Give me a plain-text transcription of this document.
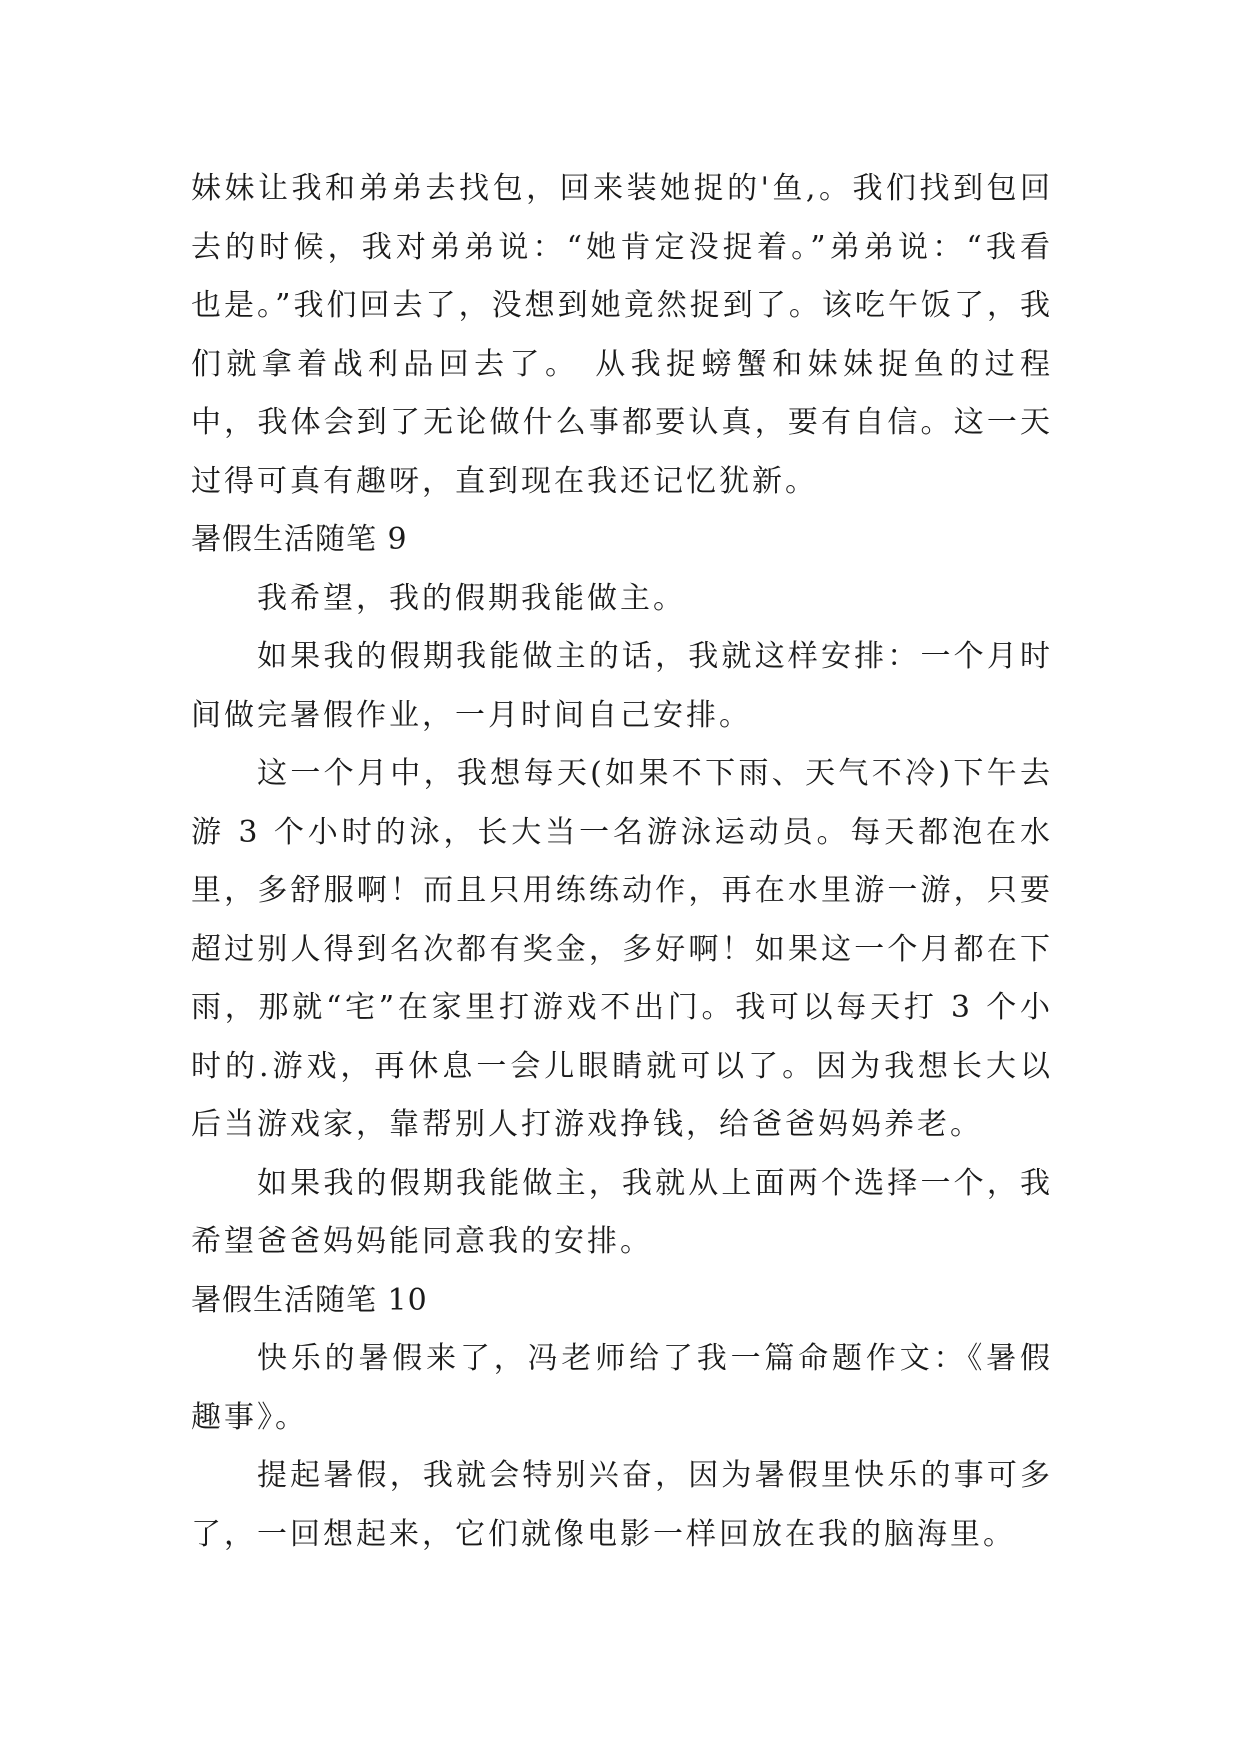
妹妹让我和弟弟去找包，回来装她捉的'鱼,。我们找到包回去的时候，我对弟弟说：“她肯定没捉着。”弟弟说：“我看也是。”我们回去了，没想到她竟然捉到了。该吃午饭了，我们就拿着战利品回去了。 从我捉螃蟹和妹妹捉鱼的过程中，我体会到了无论做什么事都要认真，要有自信。这一天过得可真有趣呀，直到现在我还记忆犹新。

暑假生活随笔 9

我希望，我的假期我能做主。

如果我的假期我能做主的话，我就这样安排：一个月时间做完暑假作业，一月时间自己安排。

这一个月中，我想每天(如果不下雨、天气不冷)下午去游 3 个小时的泳，长大当一名游泳运动员。每天都泡在水里，多舒服啊！而且只用练练动作，再在水里游一游，只要超过别人得到名次都有奖金，多好啊！如果这一个月都在下雨，那就“宅”在家里打游戏不出门。我可以每天打 3 个小时的.游戏，再休息一会儿眼睛就可以了。因为我想长大以后当游戏家，靠帮别人打游戏挣钱，给爸爸妈妈养老。

如果我的假期我能做主，我就从上面两个选择一个，我希望爸爸妈妈能同意我的安排。

暑假生活随笔 10

快乐的暑假来了，冯老师给了我一篇命题作文：《暑假趣事》。

提起暑假，我就会特别兴奋，因为暑假里快乐的事可多了，一回想起来，它们就像电影一样回放在我的脑海里。
